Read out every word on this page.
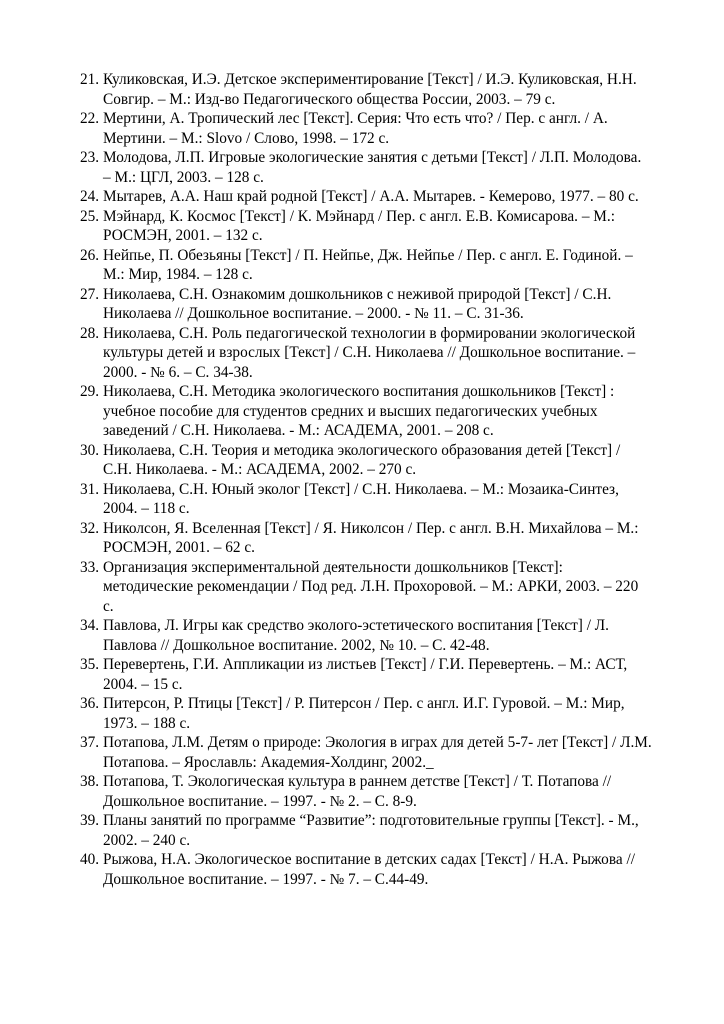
21. Куликовская, И.Э. Детское экспериментирование [Текст] / И.Э. Куликовская, Н.Н. Совгир. – М.: Изд-во Педагогического общества России, 2003. – 79 с.
22. Мертини, А. Тропический лес [Текст]. Серия: Что есть что? / Пер. с англ. / А. Мертини. – М.: Slovo / Слово, 1998. – 172 с.
23. Молодова, Л.П. Игровые экологические занятия с детьми [Текст] / Л.П. Молодова. – М.: ЦГЛ, 2003. – 128 с.
24. Мытарев, А.А. Наш край родной [Текст] / А.А. Мытарев. - Кемерово, 1977. – 80 с.
25. Мэйнард, К. Космос [Текст] / К. Мэйнард / Пер. с англ. Е.В. Комисарова. – М.: РОСМЭН, 2001. – 132 с.
26. Нейпье, П. Обезьяны [Текст] / П. Нейпье, Дж. Нейпье / Пер. с англ. Е. Годиной. – М.: Мир, 1984. – 128 с.
27. Николаева, С.Н. Ознакомим дошкольников с неживой природой [Текст] / С.Н. Николаева // Дошкольное воспитание. – 2000. - № 11. – С. 31-36.
28. Николаева, С.Н. Роль педагогической технологии в формировании экологической культуры детей и взрослых [Текст] / С.Н. Николаева // Дошкольное воспитание. – 2000. - № 6. – С. 34-38.
29. Николаева, С.Н. Методика экологического воспитания дошкольников [Текст] : учебное пособие для студентов средних и высших педагогических учебных заведений / С.Н. Николаева. - М.: АСАДЕМА, 2001. – 208 с.
30. Николаева, С.Н. Теория и методика экологического образования детей [Текст] / С.Н. Николаева. - М.: АСАДЕМА, 2002. – 270 с.
31. Николаева, С.Н. Юный эколог [Текст] / С.Н. Николаева. – М.: Мозаика-Синтез, 2004. – 118 с.
32. Николсон, Я. Вселенная [Текст] / Я. Николсон / Пер. с англ. В.Н. Михайлова – М.: РОСМЭН, 2001. – 62 с.
33. Организация экспериментальной деятельности дошкольников [Текст]: методические рекомендации / Под ред. Л.Н. Прохоровой. – М.: АРКИ, 2003. – 220 с.
34. Павлова, Л. Игры как средство эколого-эстетического воспитания [Текст] / Л. Павлова // Дошкольное воспитание. 2002, № 10. – С. 42-48.
35. Перевертень, Г.И. Аппликации из листьев [Текст] / Г.И. Перевертень. – М.: АСТ, 2004. – 15 с.
36. Питерсон, Р. Птицы [Текст] / Р. Питерсон / Пер. с англ. И.Г. Гуровой. – М.: Мир, 1973. – 188 с.
37. Потапова, Л.М. Детям о природе: Экология в играх для детей 5-7- лет [Текст] / Л.М. Потапова. – Ярославль: Академия-Холдинг, 2002._
38. Потапова, Т. Экологическая культура в раннем детстве [Текст] / Т. Потапова // Дошкольное воспитание. – 1997. - № 2. – С. 8-9.
39. Планы занятий по программе “Развитие”: подготовительные группы [Текст]. - М., 2002. – 240 с.
40. Рыжова, Н.А. Экологическое воспитание в детских садах [Текст] / Н.А. Рыжова // Дошкольное воспитание. – 1997. - № 7. – С.44-49.
